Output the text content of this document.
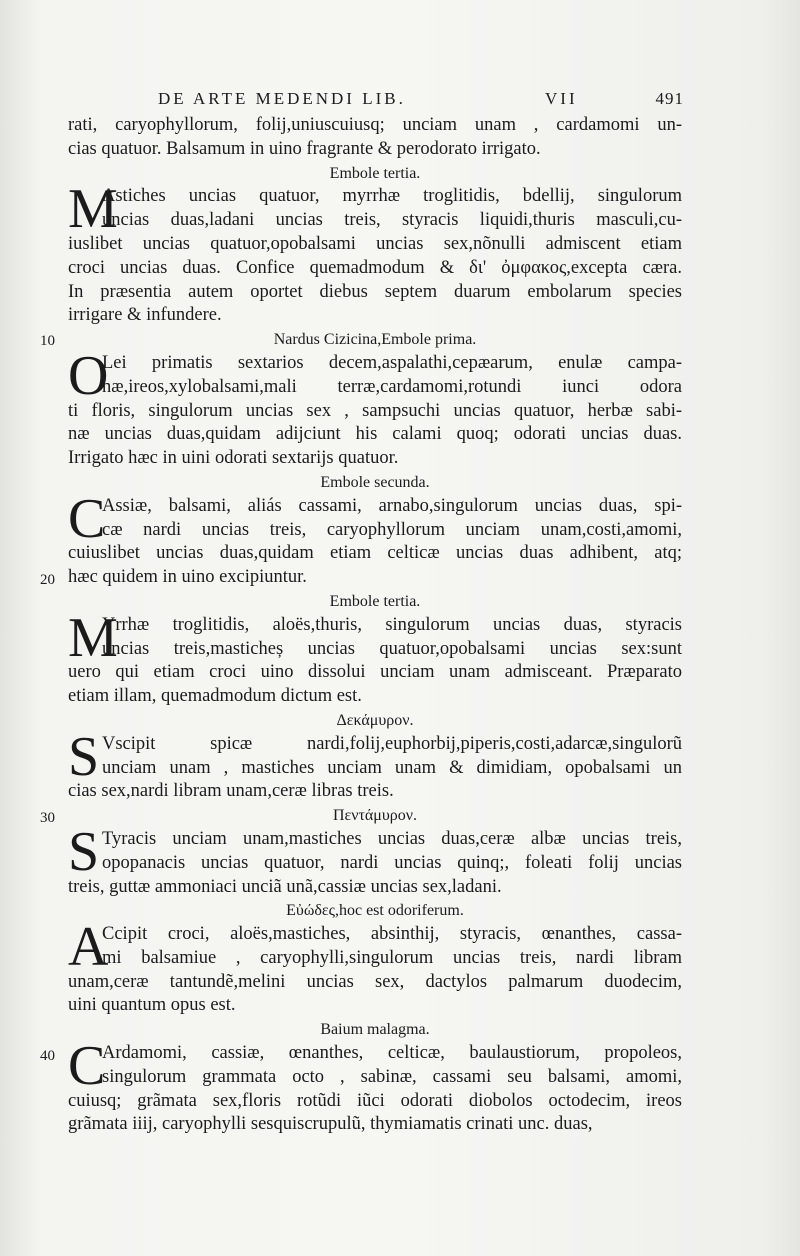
DE ARTE MEDENDI LIB.	VII	491
10
20
30
40
rati, caryophyllorum, folij,uniuscuiusq; unciam unam , cardamomi un-
cias quatuor. Balsamum in uino fragrante & perodorato irrigato.
Embole tertia.
M
Astiches uncias quatuor, myrrhæ troglitidis, bdellij, singulorum
uncias duas,ladani uncias treis, styracis liquidi,thuris masculi,cu-
iuslibet uncias quatuor,opobalsami uncias sex,nõnulli admiscent etiam
croci uncias duas. Confice quemadmodum & δι' ὀμφακος,excepta cæra.
In præsentia autem oportet diebus septem duarum embolarum species
irrigare & infundere.
Nardus Cizicina,Embole prima.
O
Lei primatis sextarios decem,aspalathi,cepæarum, enulæ campa-
næ,ireos,xylobalsami,mali terræ,cardamomi,rotundi iunci odora
ti floris, singulorum uncias sex , sampsuchi uncias quatuor, herbæ sabi-
næ uncias duas,quidam adijciunt his calami quoq; odorati uncias duas.
Irrigato hæc in uini odorati sextarijs quatuor.
Embole secunda.
C
Assiæ, balsami, aliás cassami, arnabo,singulorum uncias duas, spi-
cæ nardi uncias treis, caryophyllorum unciam unam,costi,amomi,
cuiuslibet uncias duas,quidam etiam celticæ uncias duas adhibent, atq;
hæc quidem in uino excipiuntur.
Embole tertia.
M
Yrrhæ troglitidis, aloës,thuris, singulorum uncias duas, styracis
uncias treis,masticheș uncias quatuor,opobalsami uncias sex:sunt
uero qui etiam croci uino dissolui unciam unam admisceant. Præparato
etiam illam, quemadmodum dictum est.
Δεκάμυρον.
S Vscipit spicæ nardi,folij,euphorbij,piperis,costi,adarcæ,singulorũ
unciam unam , mastiches unciam unam & dimidiam, opobalsami un
cias sex,nardi libram unam,ceræ libras treis.
Πεντάμυρον.
S Tyracis unciam unam,mastiches uncias duas,ceræ albæ uncias treis,
opopanacis uncias quatuor, nardi uncias quinq;, foleati folij uncias
treis, guttæ ammoniaci unciã unã,cassiæ uncias sex,ladani.
Εὐώδες,hoc est odoriferum.
A
Ccipit croci, aloës,mastiches, absinthij, styracis, œnanthes, cassa-
mi balsamiue , caryophylli,singulorum uncias treis, nardi libram
unam,ceræ tantundẽ,melini uncias sex, dactylos palmarum duodecim,
uini quantum opus est.
Baium malagma.
C
Ardamomi, cassiæ, œnanthes, celticæ, baulaustiorum, propoleos,
singulorum grammata octo , sabinæ, cassami seu balsami, amomi,
cuiusq; grãmata sex,floris rotũdi iũci odorati diobolos octodecim, ireos
grãmata iiij, caryophylli sesquiscrupulũ, thymiamatis crinati unc. duas,
